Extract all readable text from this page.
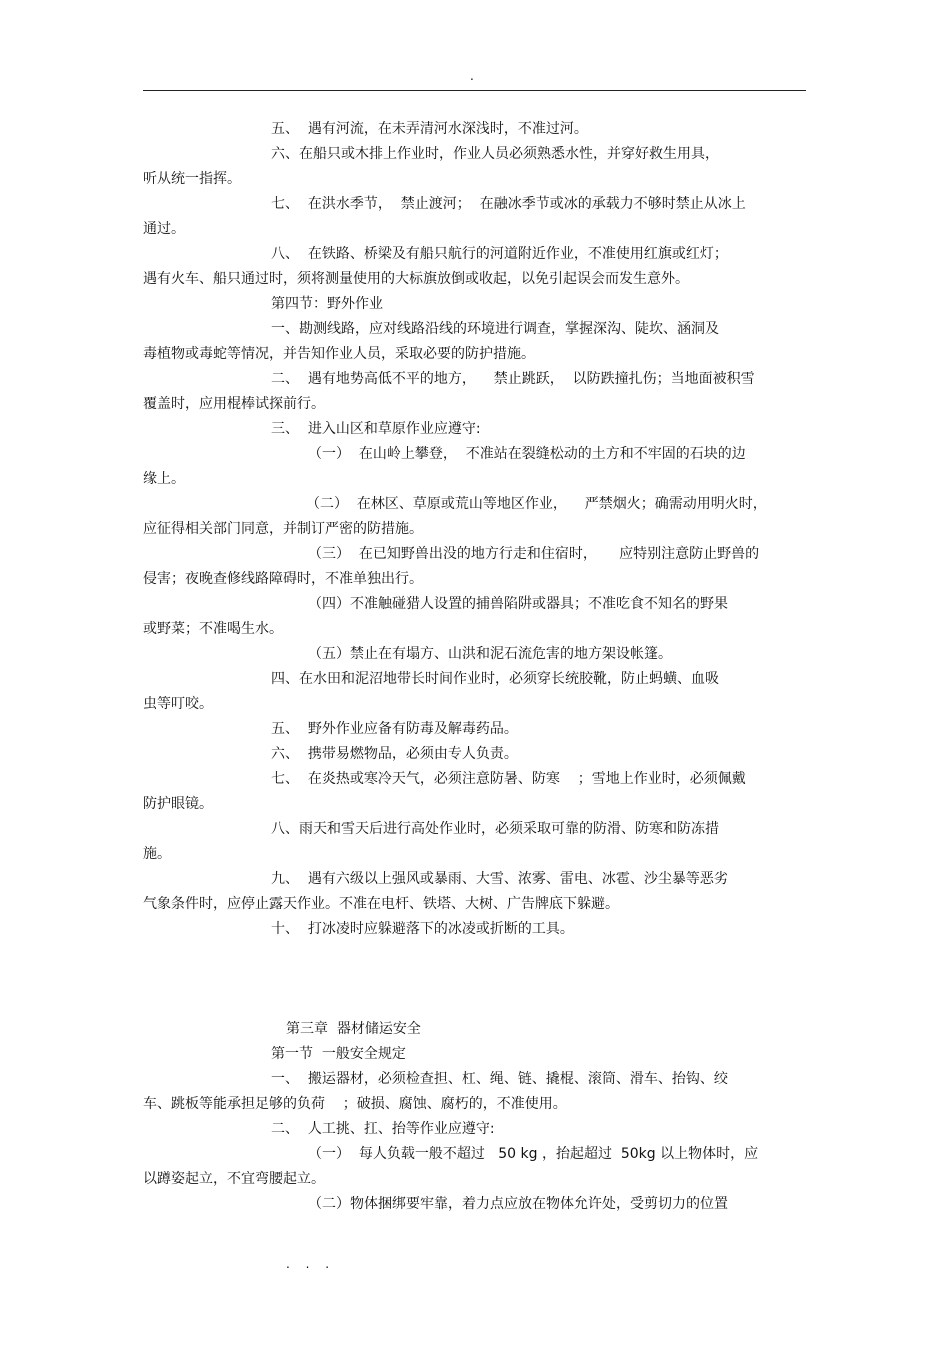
.
五、  遇有河流，在未弄清河水深浅时，不准过河。
六、在船只或木排上作业时，作业人员必须熟悉水性，并穿好救生用具，
听从统一指挥。
七、  在洪水季节，  禁止渡河；  在融冰季节或冰的承载力不够时禁止从冰上
通过。
八、  在铁路、桥梁及有船只航行的河道附近作业，不准使用红旗或红灯；
遇有火车、船只通过时，须将测量使用的大标旗放倒或收起，以免引起误会而发生意外。
第四节：野外作业
一、勘测线路，应对线路沿线的环境进行调查，掌握深沟、陡坎、涵洞及
毒植物或毒蛇等情况，并告知作业人员，采取必要的防护措施。
二、  遇有地势高低不平的地方，    禁止跳跃，  以防跌撞扎伤；当地面被积雪
覆盖时，应用棍棒试探前行。
三、  进入山区和草原作业应遵守:
（一）  在山岭上攀登，  不准站在裂缝松动的土方和不牢固的石块的边
缘上。
（二）  在林区、草原或荒山等地区作业，    严禁烟火；确需动用明火时，
应征得相关部门同意，并制订严密的防措施。
（三）  在已知野兽出没的地方行走和住宿时，     应特别注意防止野兽的
侵害；夜晚查修线路障碍时，不准单独出行。
（四）不准触碰猎人设置的捕兽陷阱或器具；不准吃食不知名的野果
或野菜；不准喝生水。
（五）禁止在有塌方、山洪和泥石流危害的地方架设帐篷。
四、在水田和泥沼地带长时间作业时，必须穿长统胶靴，防止蚂蟥、血吸
虫等叮咬。
五、  野外作业应备有防毒及解毒药品。
六、  携带易燃物品，必须由专人负责。
七、  在炎热或寒冷天气，必须注意防暑、防寒    ；雪地上作业时，必须佩戴
防护眼镜。
八、雨天和雪天后进行高处作业时，必须采取可靠的防滑、防寒和防冻措
施。
九、  遇有六级以上强风或暴雨、大雪、浓雾、雷电、冰雹、沙尘暴等恶劣
气象条件时，应停止露天作业。不准在电杆、铁塔、大树、广告牌底下躲避。
十、  打冰凌时应躲避落下的冰凌或折断的工具。
第三章  器材储运安全
第一节  一般安全规定
一、  搬运器材，必须检查担、杠、绳、链、撬棍、滚筒、滑车、抬钩、绞
车、跳板等能承担足够的负荷    ；破损、腐蚀、腐朽的，不准使用。
二、  人工挑、扛、抬等作业应遵守:
（一）  每人负载一般不超过   50 kg ，抬起超过  50kg 以上物体时，应
以蹲姿起立，不宜弯腰起立。
（二）物体捆绑要牢靠，着力点应放在物体允许处，受剪切力的位置
. . .
